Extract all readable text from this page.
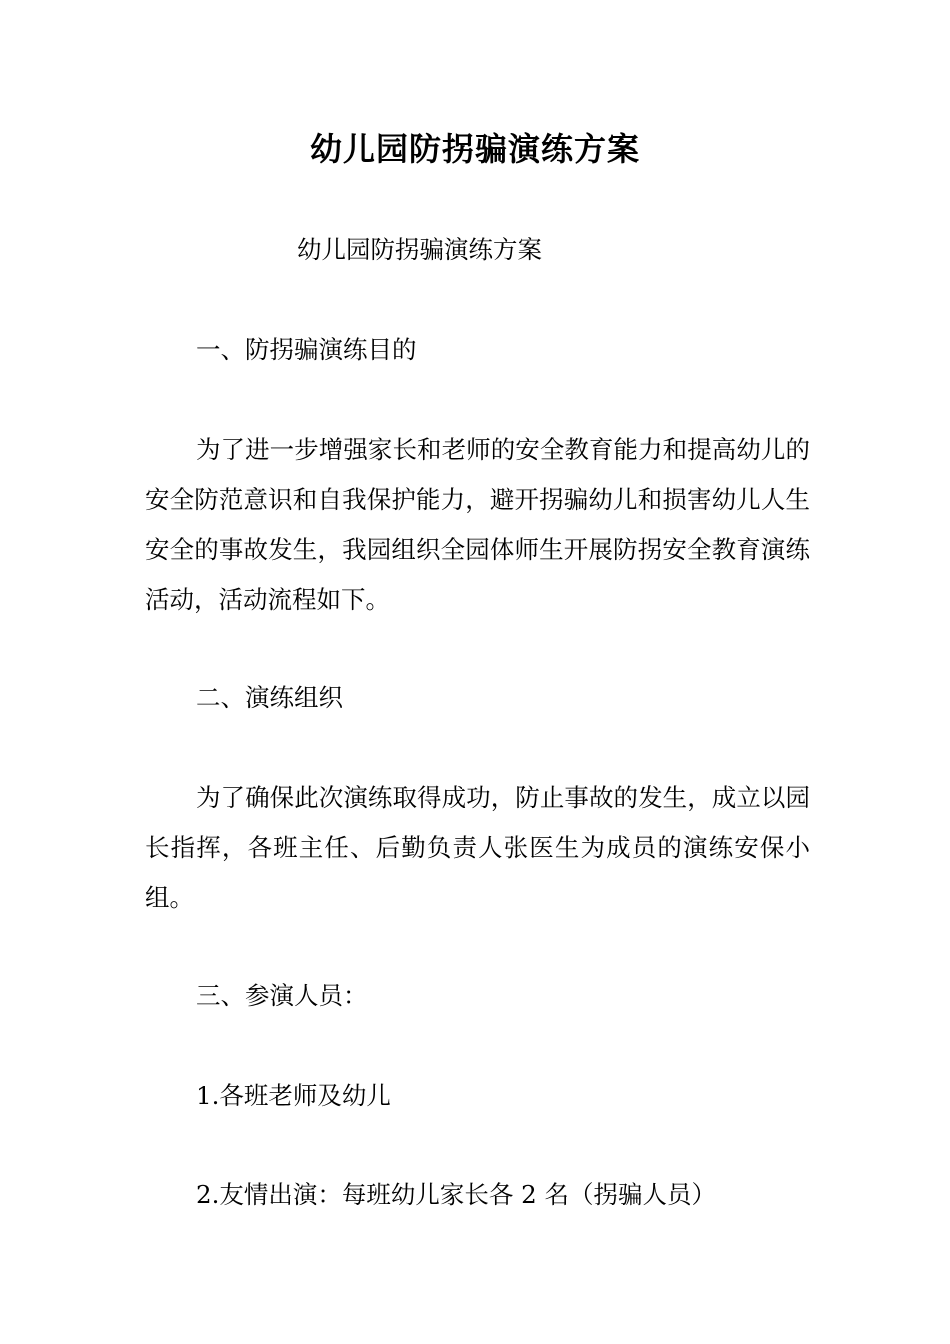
幼儿园防拐骗演练方案
幼儿园防拐骗演练方案
一、防拐骗演练目的
为了进一步增强家长和老师的安全教育能力和提高幼儿的安全防范意识和自我保护能力，避开拐骗幼儿和损害幼儿人生安全的事故发生，我园组织全园体师生开展防拐安全教育演练活动，活动流程如下。
二、演练组织
为了确保此次演练取得成功，防止事故的发生，成立以园长指挥，各班主任、后勤负责人张医生为成员的演练安保小组。
三、参演人员：
1.各班老师及幼儿
2.友情出演：每班幼儿家长各 2 名（拐骗人员）
